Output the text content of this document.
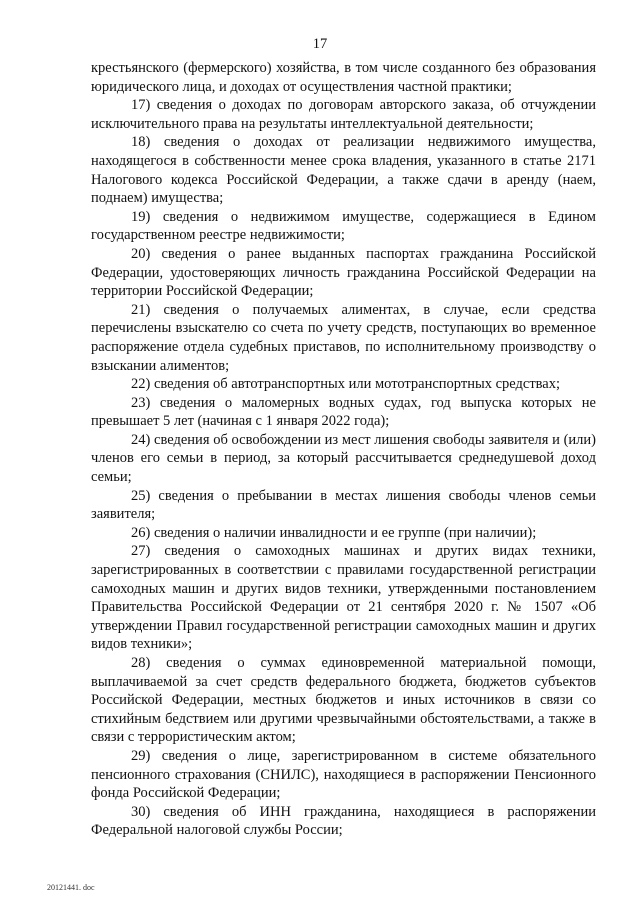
17

крестьянского (фермерского) хозяйства, в том числе созданного без образования юридического лица, и доходах от осуществления частной практики;

17) сведения о доходах по договорам авторского заказа, об отчуждении исключительного права на результаты интеллектуальной деятельности;

18) сведения о доходах от реализации недвижимого имущества, находящегося в собственности менее срока владения, указанного в статье 2171 Налогового кодекса Российской Федерации, а также сдачи в аренду (наем, поднаем) имущества;

19) сведения о недвижимом имуществе, содержащиеся в Едином государственном реестре недвижимости;

20) сведения о ранее выданных паспортах гражданина Российской Федерации, удостоверяющих личность гражданина Российской Федерации на территории Российской Федерации;

21) сведения о получаемых алиментах, в случае, если средства перечислены взыскателю со счета по учету средств, поступающих во временное распоряжение отдела судебных приставов, по исполнительному производству о взыскании алиментов;

22) сведения об автотранспортных или мототранспортных средствах;

23) сведения о маломерных водных судах, год выпуска которых не превышает 5 лет (начиная с 1 января 2022 года);

24) сведения об освобождении из мест лишения свободы заявителя и (или) членов его семьи в период, за который рассчитывается среднедушевой доход семьи;

25) сведения о пребывании в местах лишения свободы членов семьи заявителя;

26) сведения о наличии инвалидности и ее группе (при наличии);

27) сведения о самоходных машинах и других видах техники, зарегистрированных в соответствии с правилами государственной регистрации самоходных машин и других видов техники, утвержденными постановлением Правительства Российской Федерации от 21 сентября 2020 г. № 1507 «Об утверждении Правил государственной регистрации самоходных машин и других видов техники»;

28) сведения о суммах единовременной материальной помощи, выплачиваемой за счет средств федерального бюджета, бюджетов субъектов Российской Федерации, местных бюджетов и иных источников в связи со стихийным бедствием или другими чрезвычайными обстоятельствами, а также в связи с террористическим актом;

29) сведения о лице, зарегистрированном в системе обязательного пенсионного страхования (СНИЛС), находящиеся в распоряжении Пенсионного фонда Российской Федерации;

30) сведения об ИНН гражданина, находящиеся в распоряжении Федеральной налоговой службы России;

20121441. doc
